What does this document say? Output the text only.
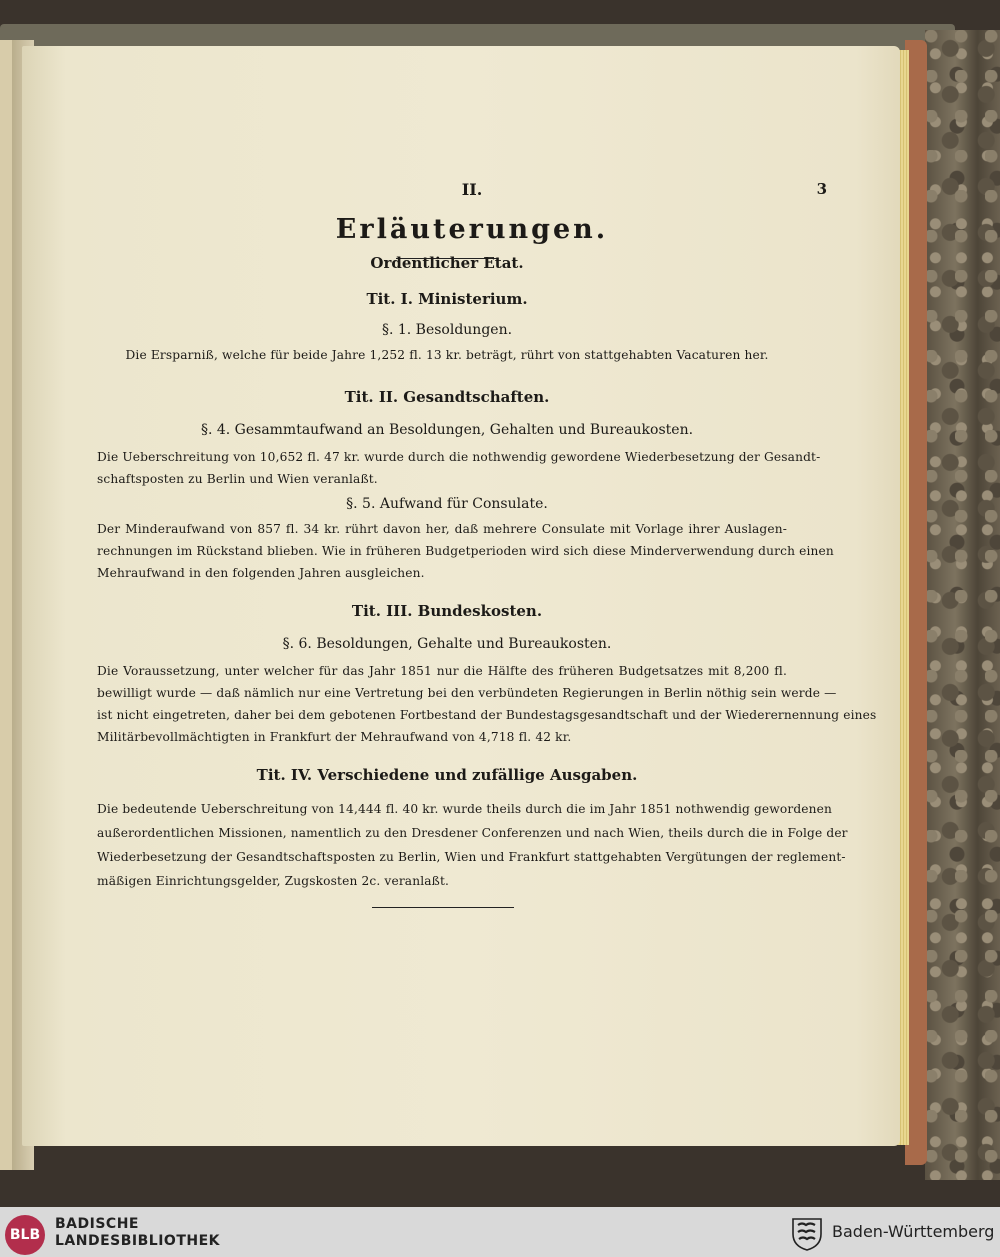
II.	3
Erläuterungen.
Ordentlicher Etat.
Tit. I. Ministerium.
§. 1. Besoldungen.
Die Ersparniß, welche für beide Jahre 1,252 fl. 13 kr. beträgt, rührt von stattgehabten Vacaturen her.
Tit. II. Gesandtschaften.
§. 4. Gesammtaufwand an Besoldungen, Gehalten und Bureaukosten.
Die Ueberschreitung von 10,652 fl. 47 kr. wurde durch die nothwendig gewordene Wiederbesetzung der Gesandt-
schaftsposten zu Berlin und Wien veranlaßt.
§. 5. Aufwand für Consulate.
Der Minderaufwand von 857 fl. 34 kr. rührt davon her, daß mehrere Consulate mit Vorlage ihrer Auslagen-
rechnungen im Rückstand blieben. Wie in früheren Budgetperioden wird sich diese Minderverwendung durch einen
Mehraufwand in den folgenden Jahren ausgleichen.
Tit. III. Bundeskosten.
§. 6. Besoldungen, Gehalte und Bureaukosten.
Die Voraussetzung, unter welcher für das Jahr 1851 nur die Hälfte des früheren Budgetsatzes mit 8,200 fl.
bewilligt wurde — daß nämlich nur eine Vertretung bei den verbündeten Regierungen in Berlin nöthig sein werde —
ist nicht eingetreten, daher bei dem gebotenen Fortbestand der Bundestagsgesandtschaft und der Wiederernennung eines
Militärbevollmächtigten in Frankfurt der Mehraufwand von 4,718 fl. 42 kr.
Tit. IV. Verschiedene und zufällige Ausgaben.
Die bedeutende Ueberschreitung von 14,444 fl. 40 kr. wurde theils durch die im Jahr 1851 nothwendig gewordenen
außerordentlichen Missionen, namentlich zu den Dresdener Conferenzen und nach Wien, theils durch die in Folge der
Wiederbesetzung der Gesandtschaftsposten zu Berlin, Wien und Frankfurt stattgehabten Vergütungen der reglement-
mäßigen Einrichtungsgelder, Zugskosten 2c. veranlaßt.
BLB
BADISCHE
LANDESBIBLIOTHEK	Baden-Württemberg
